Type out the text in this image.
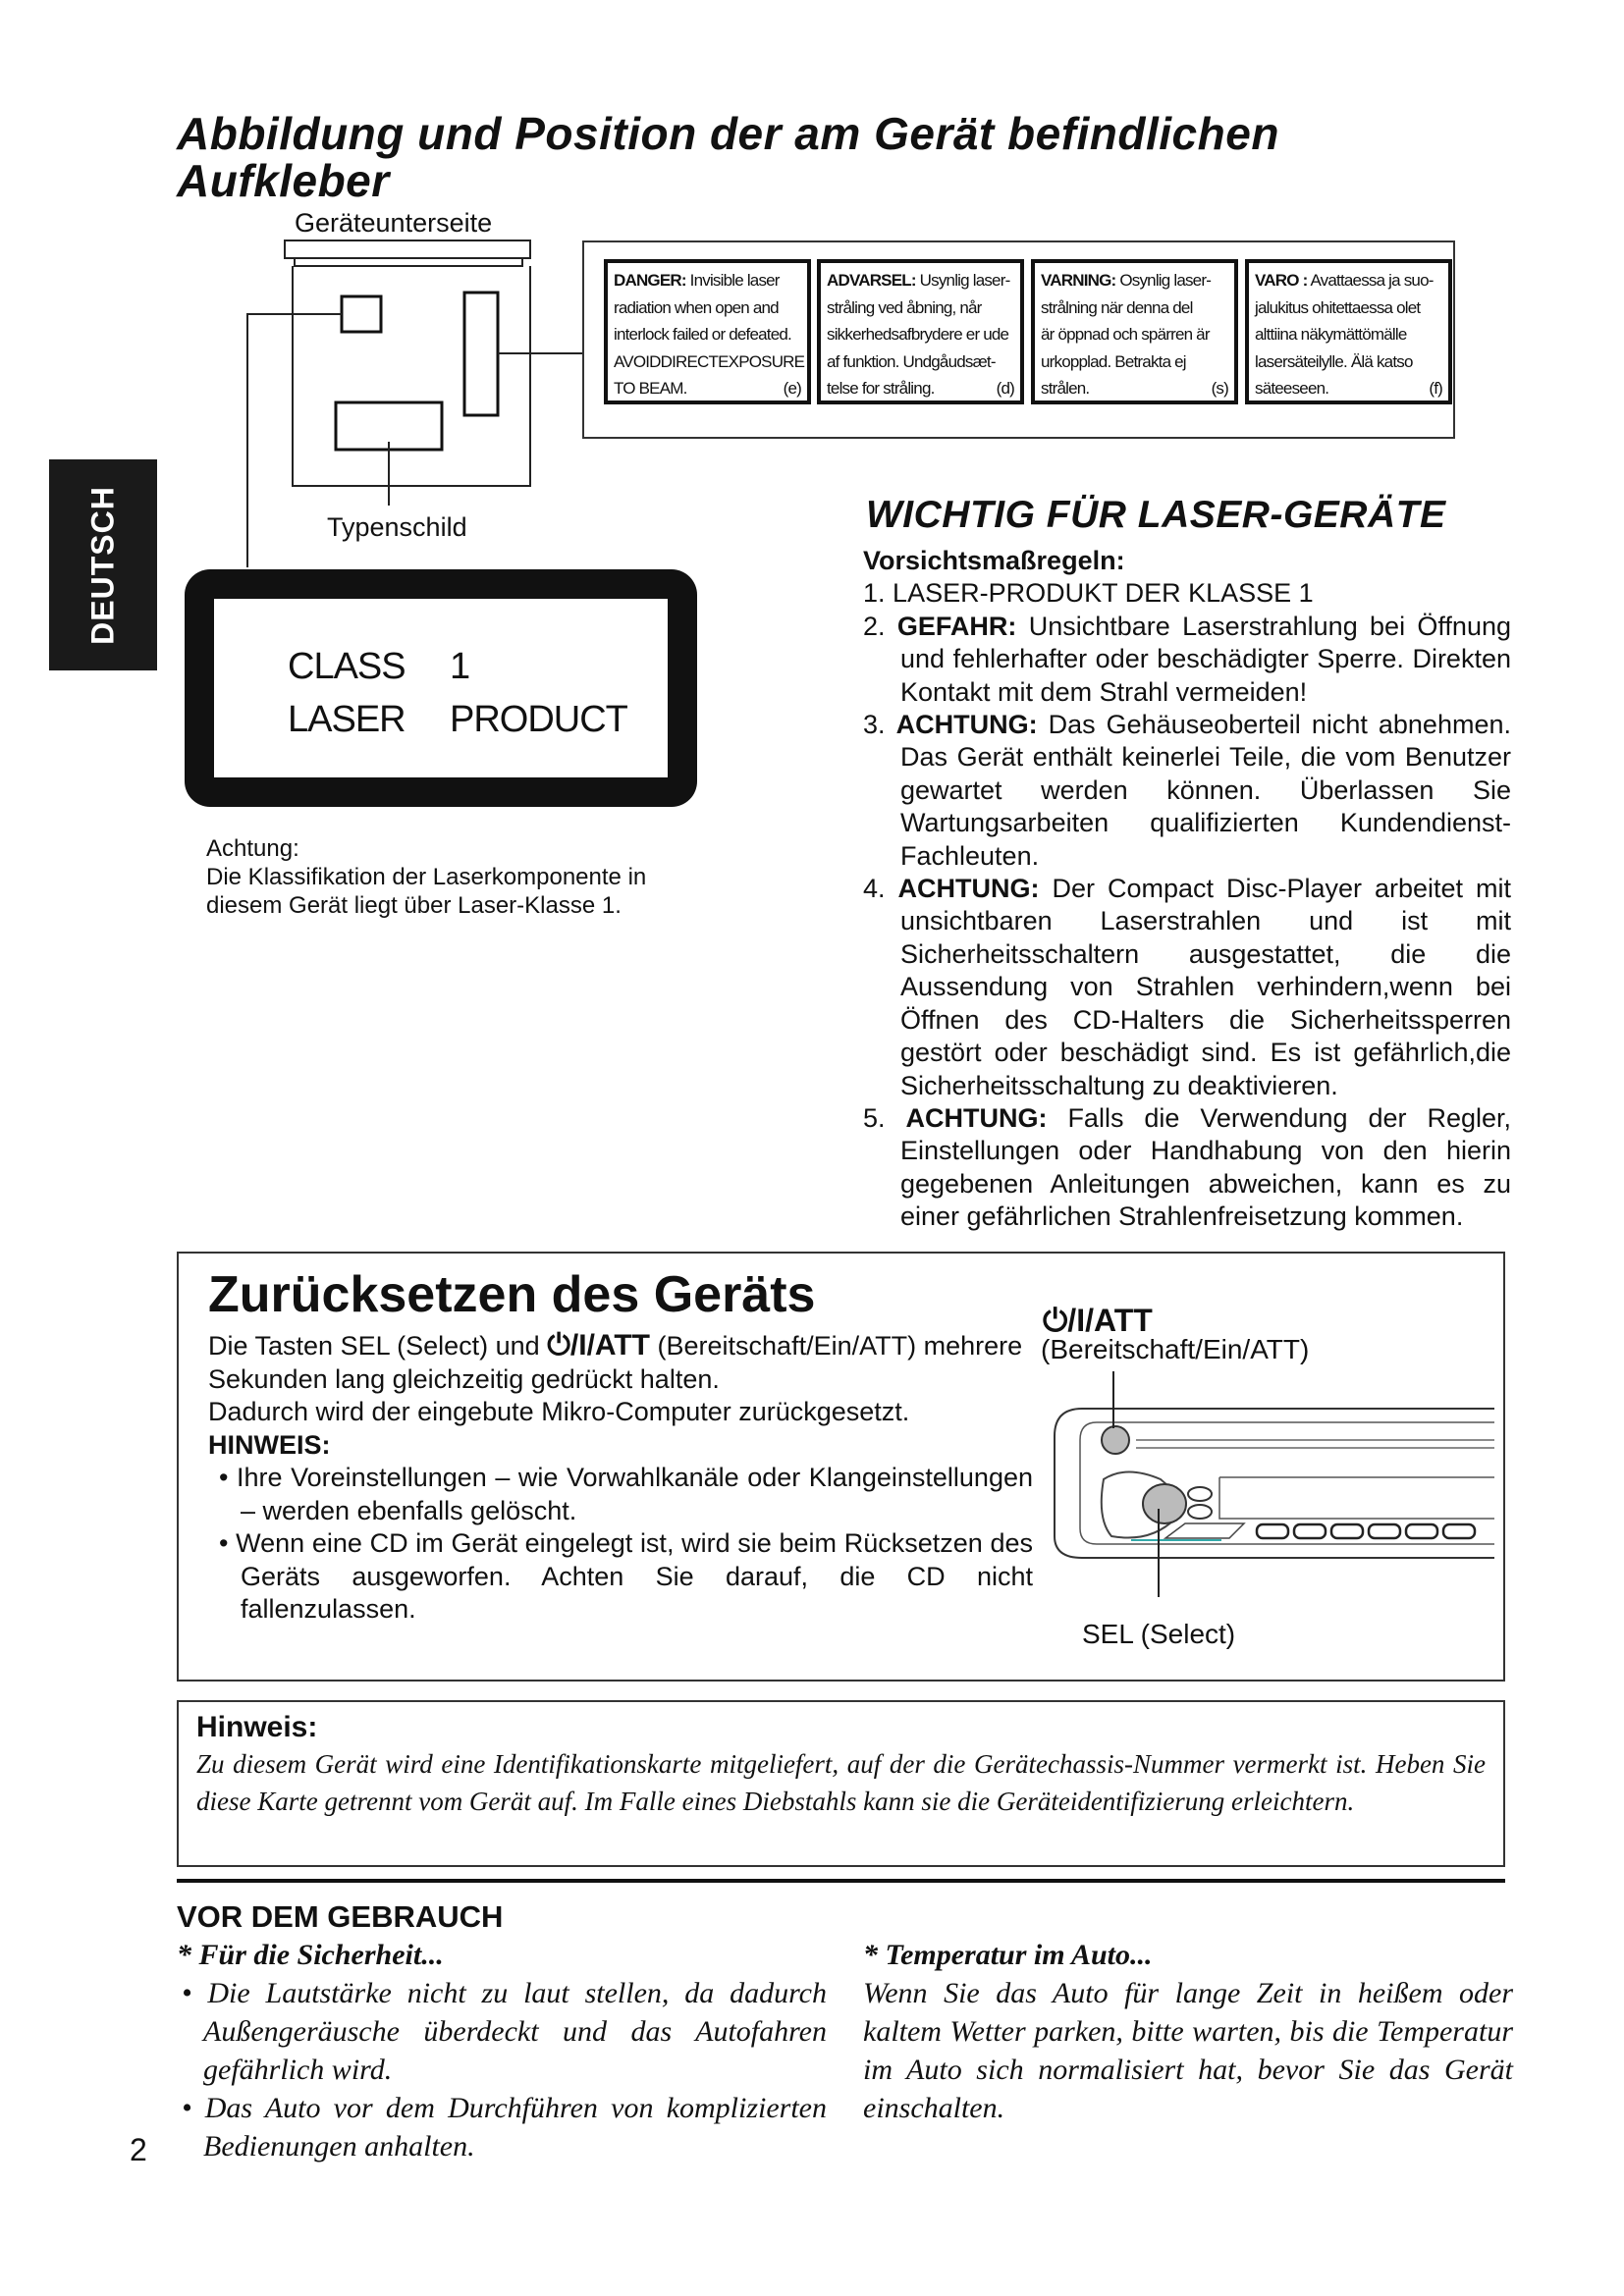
Abbildung und Position der am Gerät befindlichen Aufkleber
Geräteunterseite
Typenschild
DANGER: Invisible laser
radiation when open and
interlock failed or defeated.
AVOIDDIRECTEXPOSURE
TO BEAM.	(e)
ADVARSEL: Usynlig laser-
stråling ved åbning, når
sikkerhedsafbrydere er ude
af funktion. Undgåudsæt-
telse for stråling.	(d)
VARNING: Osynlig laser-
strålning när denna del
är öppnad och spärren är
urkopplad. Betrakta ej
strålen.	(s)
VARO : Avattaessa ja suo-
jalukitus ohitettaessa olet
alttiina näkymättömälle
lasersäteilylle. Älä katso
säteeseen.	(f)
CLASS 1
LASER PRODUCT
Achtung:
Die Klassifikation der Laserkomponente in
diesem Gerät liegt über Laser-Klasse 1.
DEUTSCH	WICHTIG FÜR LASER-GERÄTE
Vorsichtsmaßregeln:
1. LASER-PRODUKT DER KLASSE 1
2. GEFAHR: Unsichtbare Laserstrahlung bei Öffnung und fehlerhafter oder beschädigter Sperre. Direkten Kontakt mit dem Strahl vermeiden!
3. ACHTUNG: Das Gehäuseoberteil nicht abnehmen. Das Gerät enthält keinerlei Teile, die vom Benutzer gewartet werden können. Überlassen Sie Wartungsarbeiten qualifizierten Kundendienst-Fachleuten.
4. ACHTUNG: Der Compact Disc-Player arbeitet mit unsichtbaren Laserstrahlen und ist mit Sicherheitsschaltern ausgestattet, die die Aussendung von Strahlen verhindern,wenn bei Öffnen des CD-Halters die Sicherheitssperren gestört oder beschädigt sind. Es ist gefährlich,die Sicherheitsschaltung zu deaktivieren.
5. ACHTUNG: Falls die Verwendung der Regler, Einstellungen oder Handhabung von den hierin gegebenen Anleitungen abweichen, kann es zu einer gefährlichen Strahlenfreisetzung kommen.
Zurücksetzen des Geräts

Die Tasten SEL (Select) und ⏻/I/ATT (Bereitschaft/Ein/ATT) mehrere Sekunden lang gleichzeitig gedrückt halten.

Dadurch wird der eingebute Mikro-Computer zurückgesetzt.

HINWEIS:

• Ihre Voreinstellungen – wie Vorwahlkanäle oder Klangeinstellungen – werden ebenfalls gelöscht.
• Wenn eine CD im Gerät eingelegt ist, wird sie beim Rücksetzen des Geräts ausgeworfen. Achten Sie darauf, die CD nicht fallenzulassen.
⏻/I/ATT
(Bereitschaft/Ein/ATT)
SEL (Select)
Hinweis:

Zu diesem Gerät wird eine Identifikationskarte mitgeliefert, auf der die Gerätechassis-Nummer vermerkt ist. Heben Sie diese Karte getrennt vom Gerät auf. Im Falle eines Diebstahls kann sie die Geräteidentifizierung erleichtern.

VOR DEM GEBRAUCH

* Für die Sicherheit...

• Die Lautstärke nicht zu laut stellen, da dadurch Außengeräusche überdeckt und das Autofahren gefährlich wird.

• Das Auto vor dem Durchführen von komplizierten Bedienungen anhalten.

* Temperatur im Auto...

Wenn Sie das Auto für lange Zeit in heißem oder kaltem Wetter parken, bitte warten, bis die Temperatur im Auto sich normalisiert hat, bevor Sie das Gerät einschalten.

2
